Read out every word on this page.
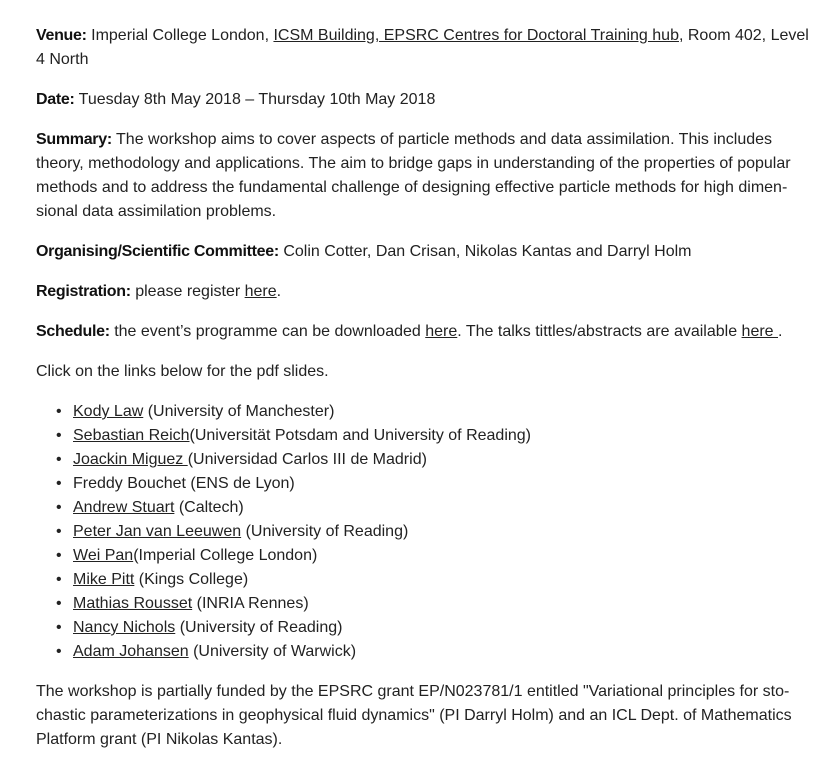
Venue: Imperial College London, ICSM Building, EPSRC Centres for Doctoral Training hub, Room 402, Level 4 North

Date: Tuesday 8th May 2018 – Thursday 10th May 2018

Summary: The workshop aims to cover aspects of particle methods and data assimilation. This includes theory, methodology and applications. The aim to bridge gaps in understanding of the properties of popular methods and to address the fundamental challenge of designing effective particle methods for high dimensional data assimilation problems.

Organising/Scientific Committee: Colin Cotter, Dan Crisan, Nikolas Kantas and Darryl Holm

Registration: please register here.

Schedule: the event’s programme can be downloaded here. The talks tittles/abstracts are available here .

Click on the links below for the pdf slides.

• Kody Law (University of Manchester)
• Sebastian Reich(Universität Potsdam and University of Reading)
• Joackin Miguez (Universidad Carlos III de Madrid)
• Freddy Bouchet (ENS de Lyon)
• Andrew Stuart (Caltech)
• Peter Jan van Leeuwen (University of Reading)
• Wei Pan(Imperial College London)
• Mike Pitt (Kings College)
• Mathias Rousset (INRIA Rennes)
• Nancy Nichols (University of Reading)
• Adam Johansen (University of Warwick)

The workshop is partially funded by the EPSRC grant EP/N023781/1 entitled "Variational principles for stochastic parameterizations in geophysical fluid dynamics" (PI Darryl Holm) and an ICL Dept. of Mathematics Platform grant (PI Nikolas Kantas).
